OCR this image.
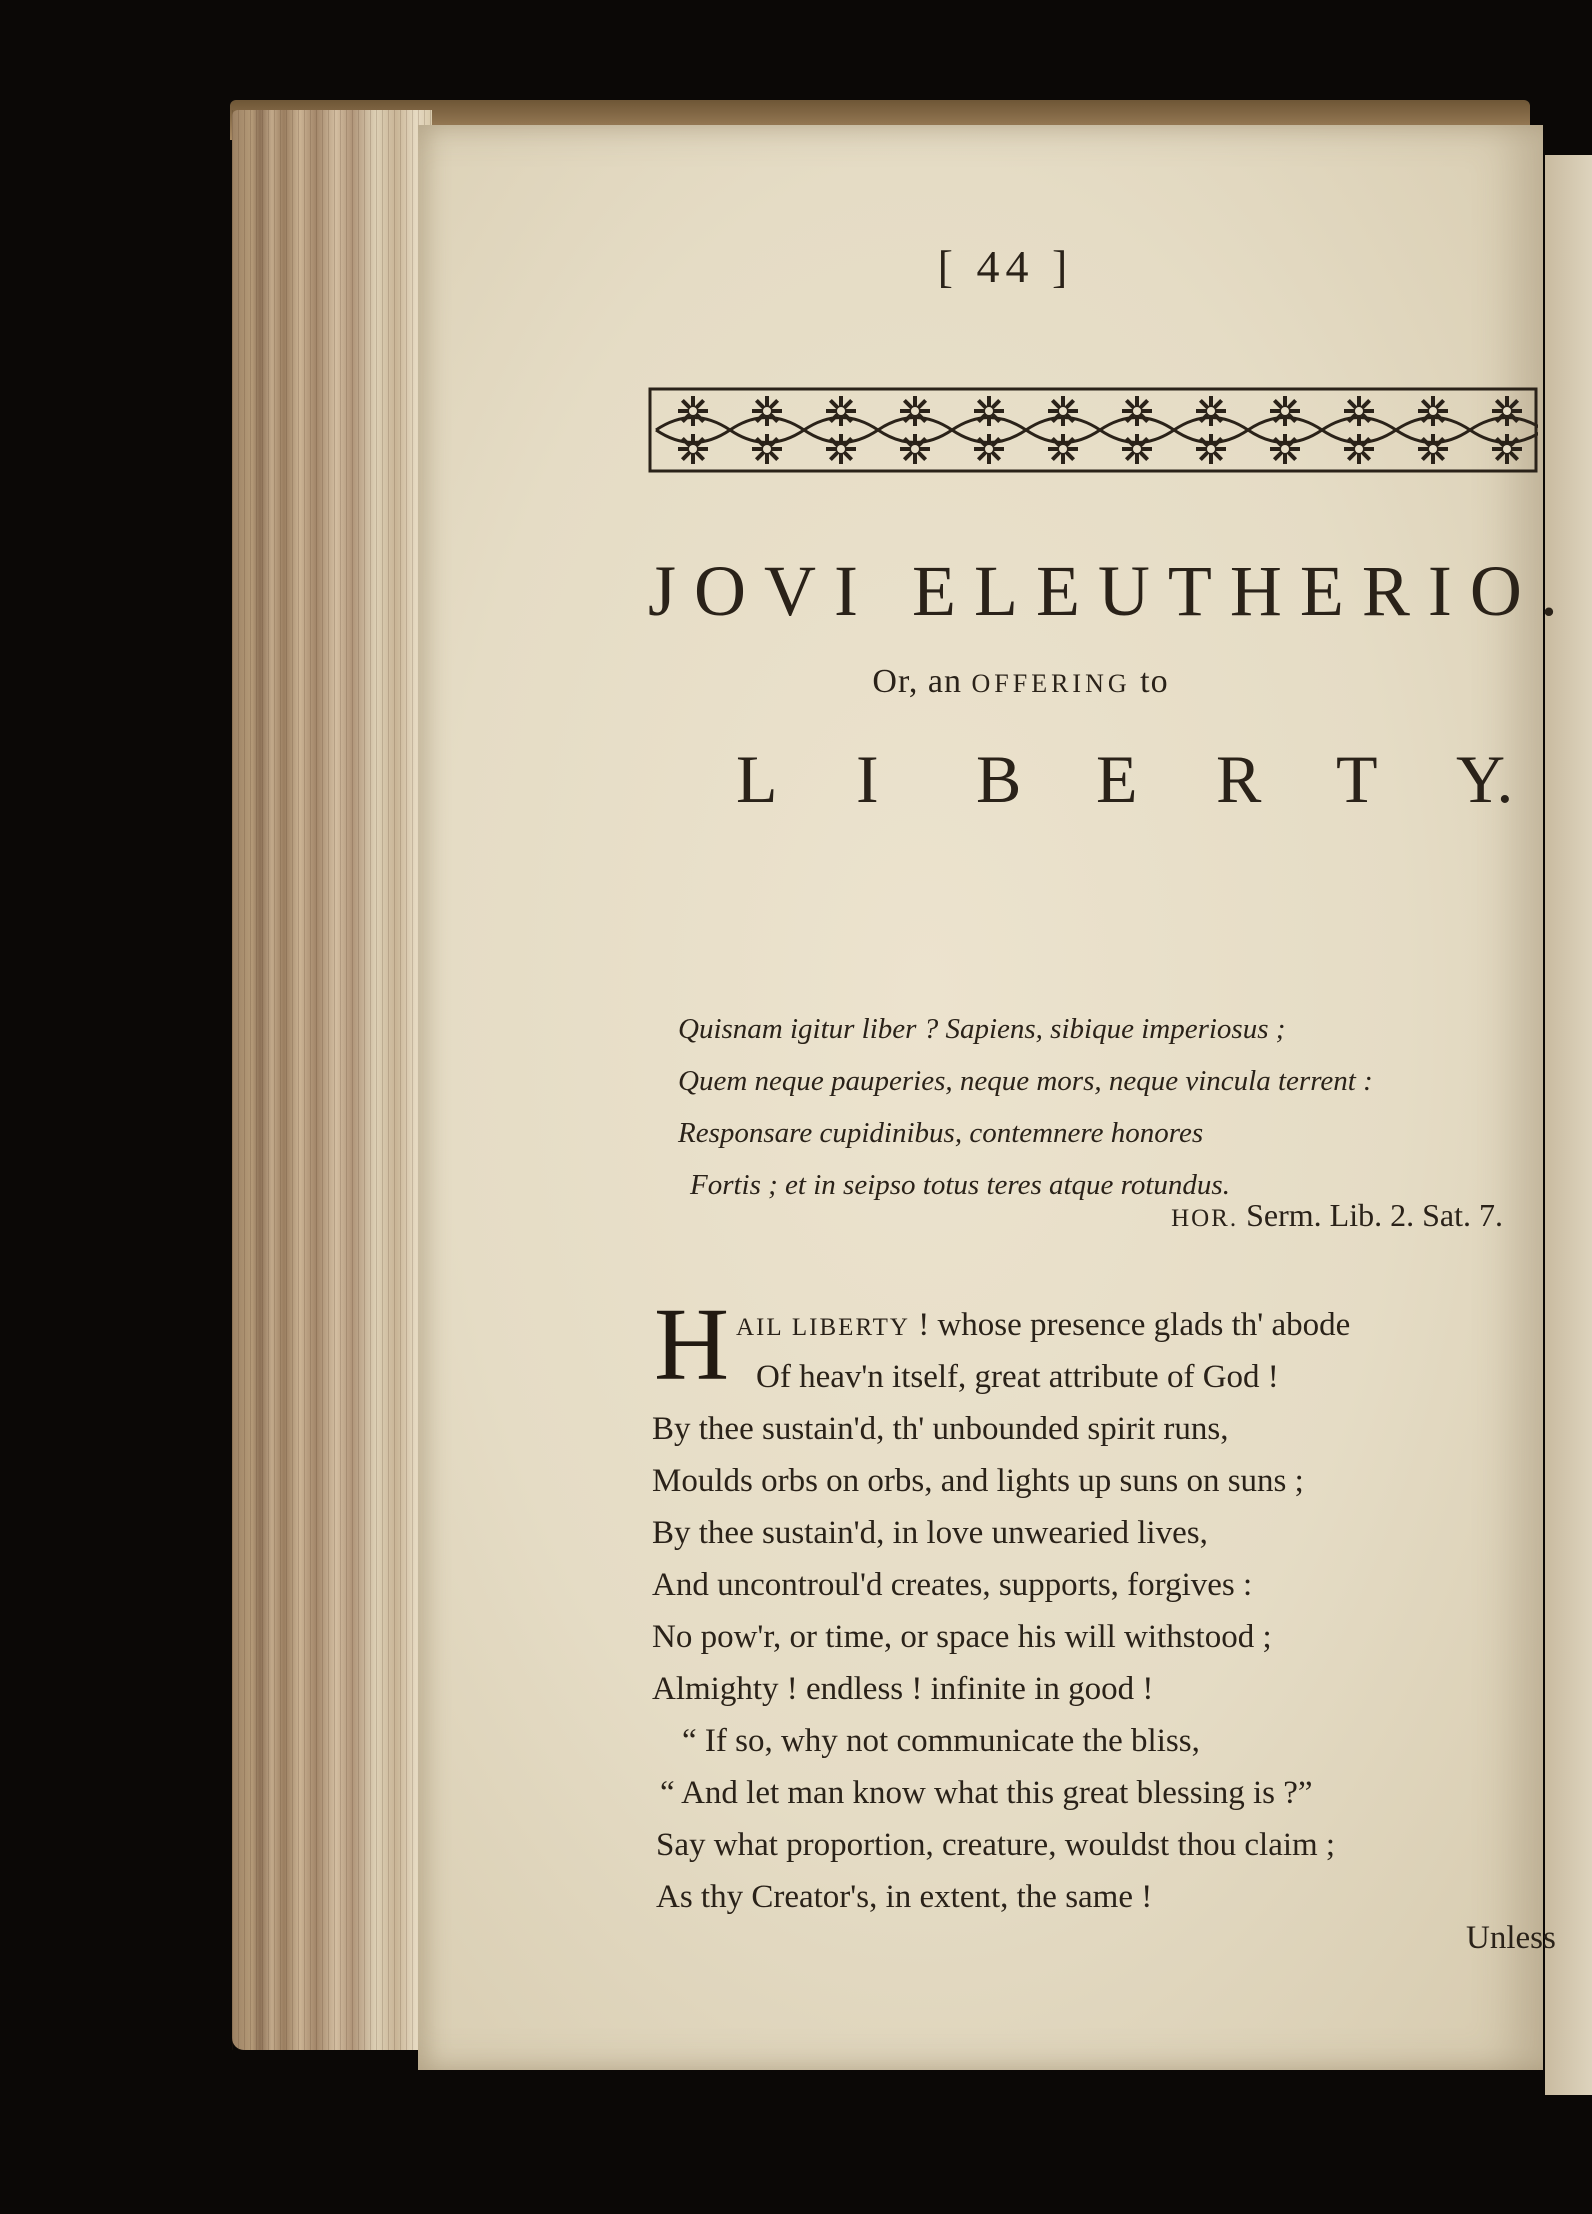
[ 44 ]
JOVI ELEUTHERIO.
Or, an OFFERING to
L I B E R T Y.
Quisnam igitur liber ? Sapiens, sibique imperiosus ;
Quem neque pauperies, neque mors, neque vincula terrent :
Responsare cupidinibus, contemnere honores
Fortis ; et in seipso totus teres atque rotundus.
HOR. Serm. Lib. 2. Sat. 7.
H AIL LIBERTY ! whose presence glads th' abode
Of heav'n itself, great attribute of God !
By thee sustain'd, th' unbounded spirit runs,
Moulds orbs on orbs, and lights up suns on suns ;
By thee sustain'd, in love unwearied lives,
And uncontroul'd creates, supports, forgives :
No pow'r, or time, or space his will withstood ;
Almighty ! endless ! infinite in good !
“ If so, why not communicate the bliss,
“ And let man know what this great blessing is ?”
Say what proportion, creature, wouldst thou claim ;
As thy Creator's, in extent, the same !
Unless
